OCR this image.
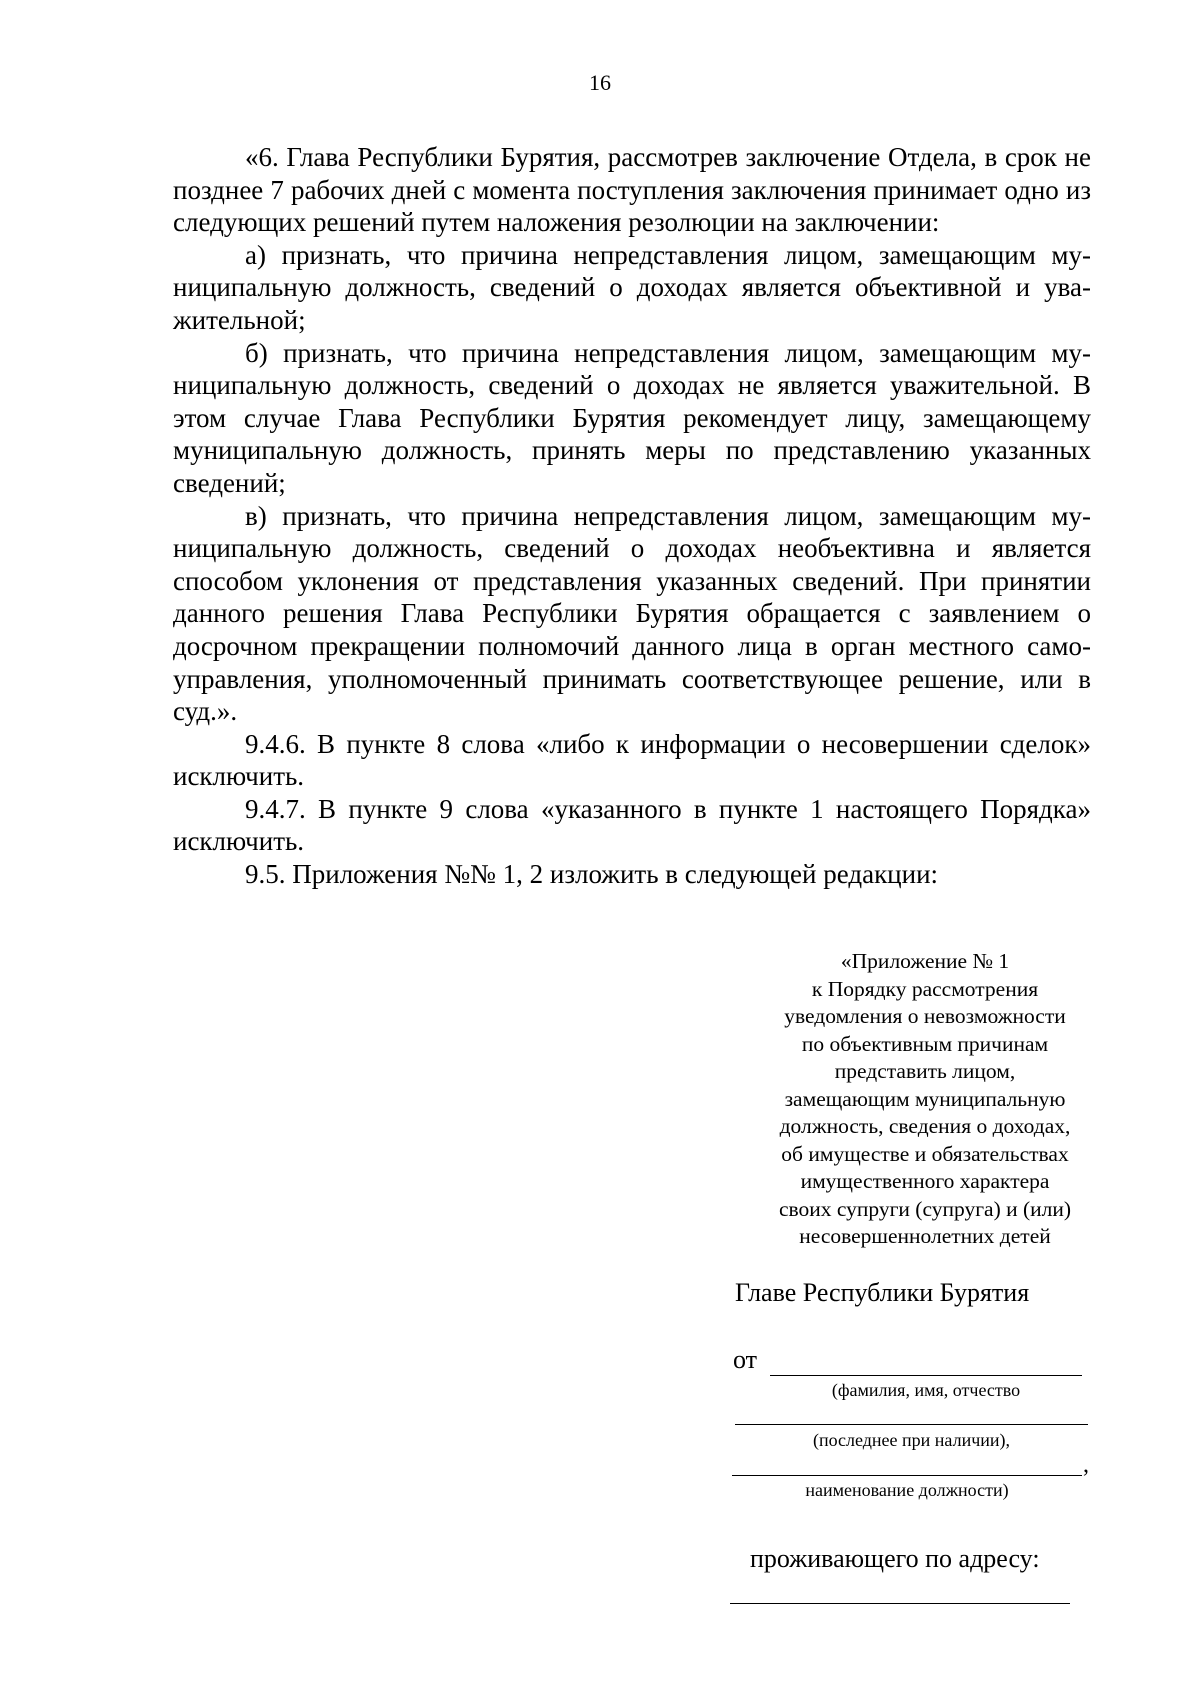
16

«6. Глава Республики Бурятия, рассмотрев заключение Отдела, в срок не позднее 7 рабочих дней с момента поступления заключения принимает одно из следующих решений путем наложения резолюции на заключении:

а) признать, что причина непредставления лицом, замещающим муниципальную должность, сведений о доходах является объективной и уважительной;

б) признать, что причина непредставления лицом, замещающим муниципальную должность, сведений о доходах не является уважительной. В этом случае Глава Республики Бурятия рекомендует лицу, замещающему муниципальную должность, принять меры по представлению указанных сведений;

в) признать, что причина непредставления лицом, замещающим муниципальную должность, сведений о доходах необъективна и является способом уклонения от представления указанных сведений. При принятии данного решения Глава Республики Бурятия обращается с заявлением о досрочном прекращении полномочий данного лица в орган местного самоуправления, уполномоченный принимать соответствующее решение, или в суд.».

9.4.6. В пункте 8 слова «либо к информации о несовершении сделок» исключить.

9.4.7. В пункте 9 слова «указанного в пункте 1 настоящего Порядка» исключить.

9.5. Приложения №№ 1, 2 изложить в следующей редакции:

«Приложение № 1
к Порядку рассмотрения
уведомления о невозможности
по объективным причинам
представить лицом,
замещающим муниципальную
должность, сведения о доходах,
об имуществе и обязательствах
имущественного характера
своих супруги (супруга) и (или)
несовершеннолетних детей
Главе Республики Бурятия
от
(фамилия, имя, отчество
(последнее при наличии),
,
наименование должности)
проживающего по адресу:
